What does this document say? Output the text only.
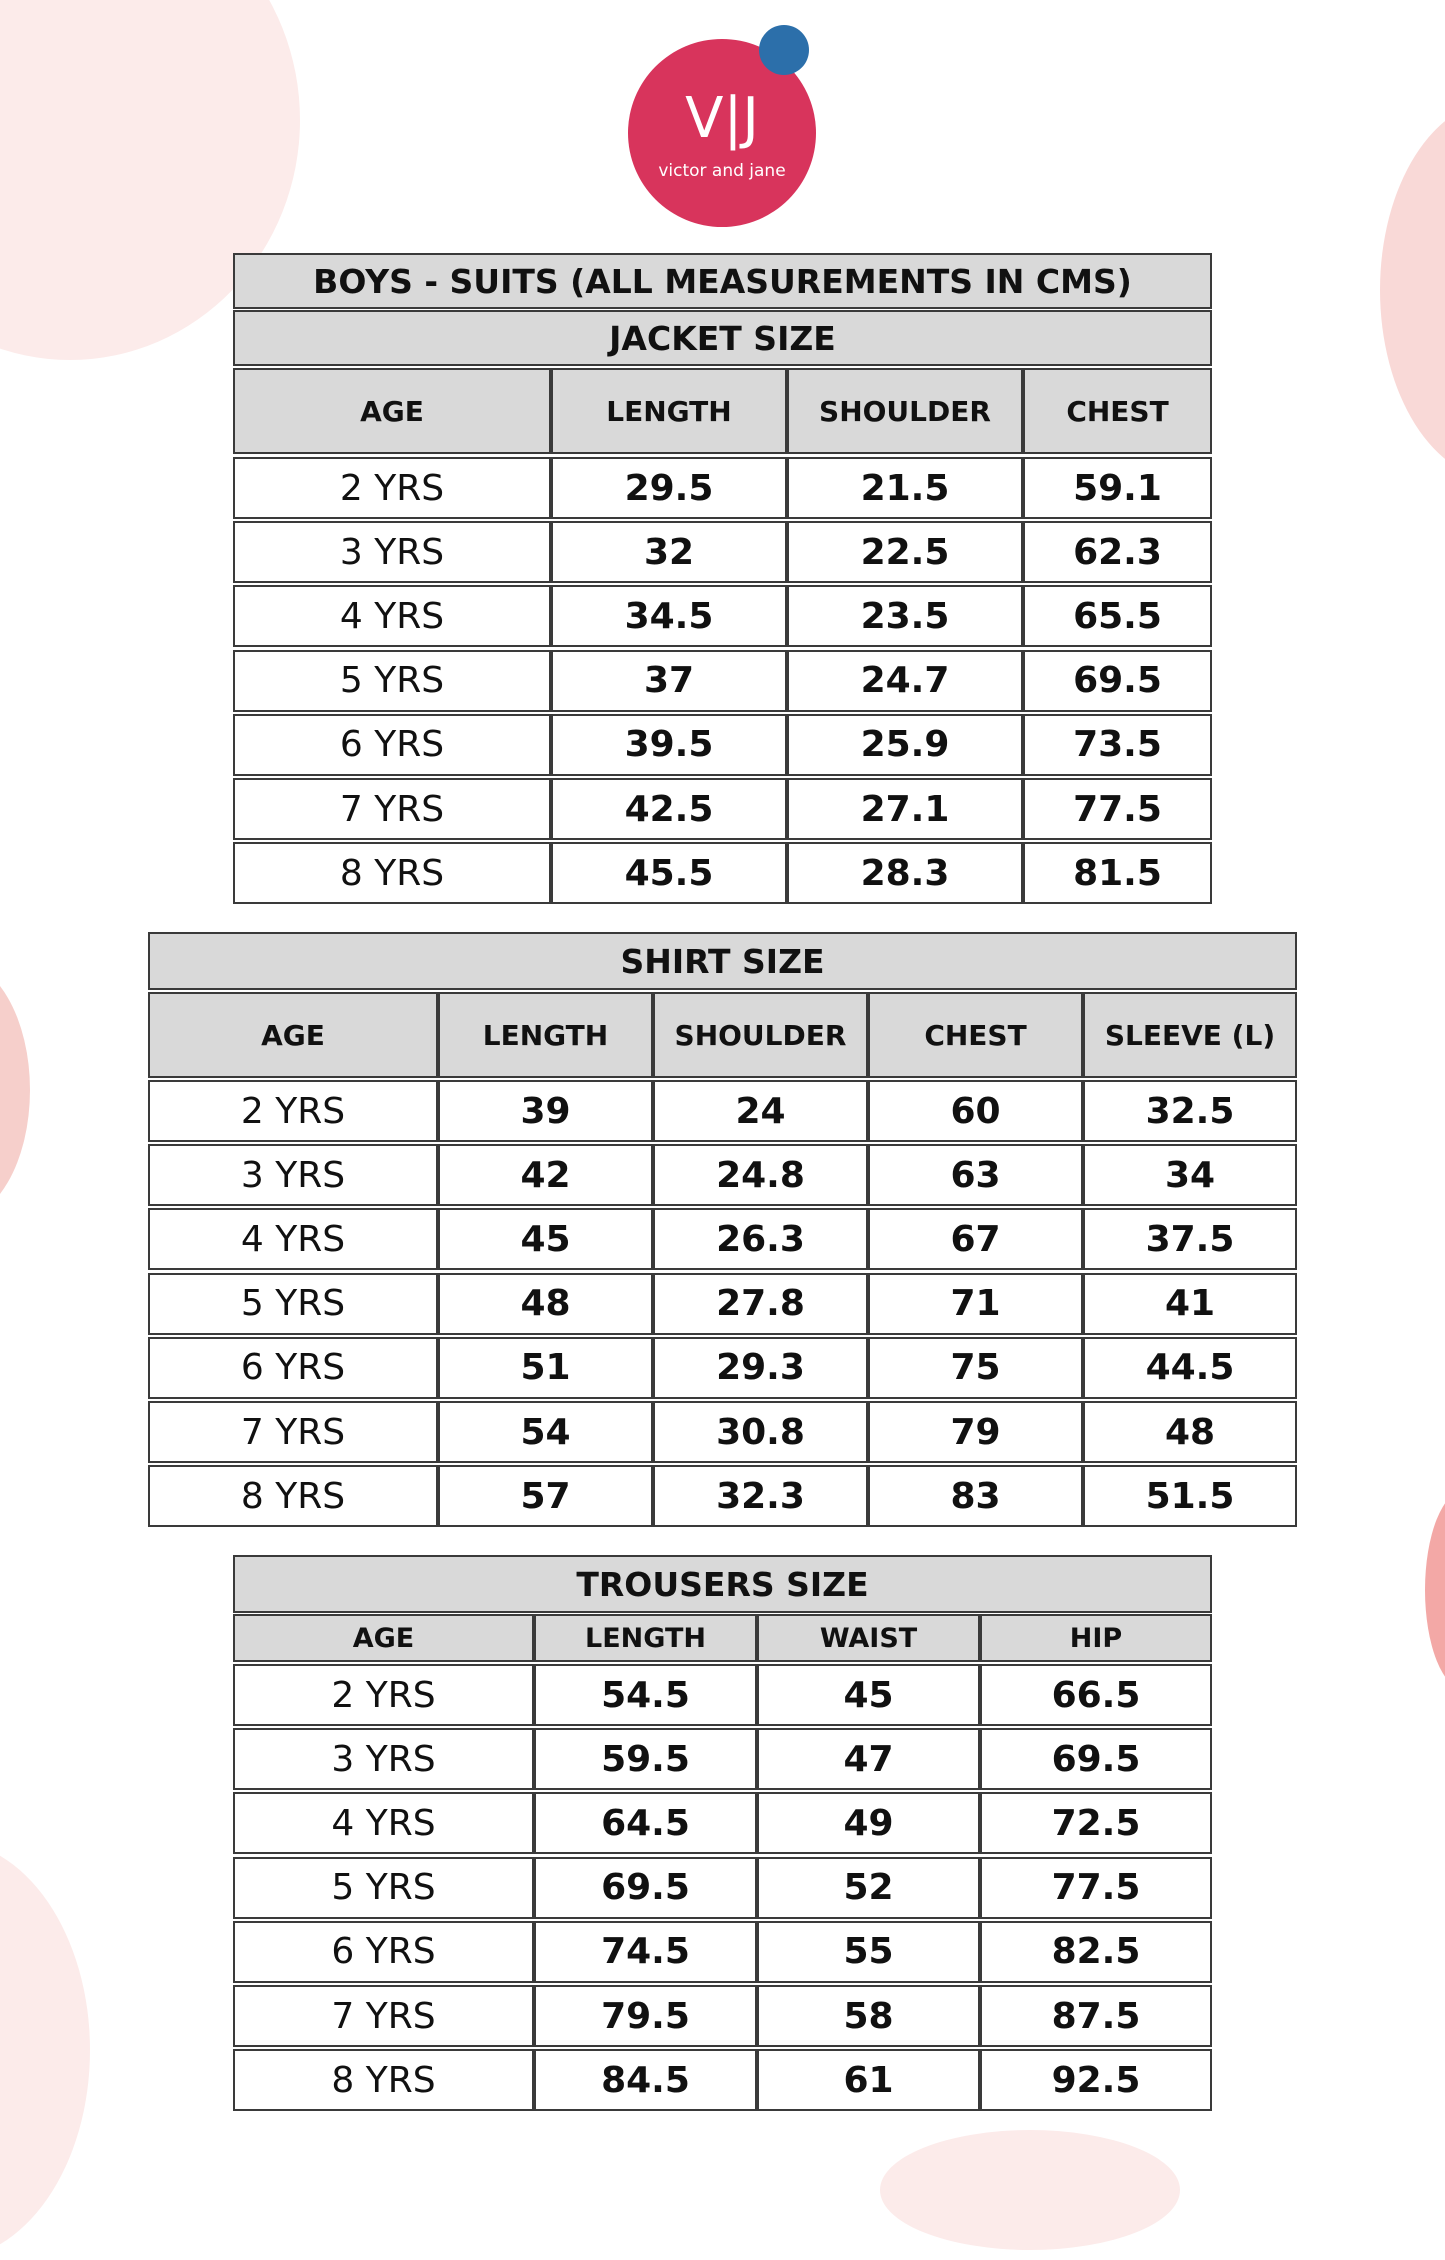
V|J
victor and jane
BOYS - SUITS (ALL MEASUREMENTS IN CMS)
JACKET SIZE
AGE	LENGTH	SHOULDER	CHEST
2 YRS	29.5	21.5	59.1
3 YRS	32	22.5	62.3
4 YRS	34.5	23.5	65.5
5 YRS	37	24.7	69.5
6 YRS	39.5	25.9	73.5
7 YRS	42.5	27.1	77.5
8 YRS	45.5	28.3	81.5
SHIRT SIZE
AGE	LENGTH	SHOULDER	CHEST	SLEEVE (L)
2 YRS	39	24	60	32.5
3 YRS	42	24.8	63	34
4 YRS	45	26.3	67	37.5
5 YRS	48	27.8	71	41
6 YRS	51	29.3	75	44.5
7 YRS	54	30.8	79	48
8 YRS	57	32.3	83	51.5
TROUSERS SIZE
AGE	LENGTH	WAIST	HIP
2 YRS	54.5	45	66.5
3 YRS	59.5	47	69.5
4 YRS	64.5	49	72.5
5 YRS	69.5	52	77.5
6 YRS	74.5	55	82.5
7 YRS	79.5	58	87.5
8 YRS	84.5	61	92.5
